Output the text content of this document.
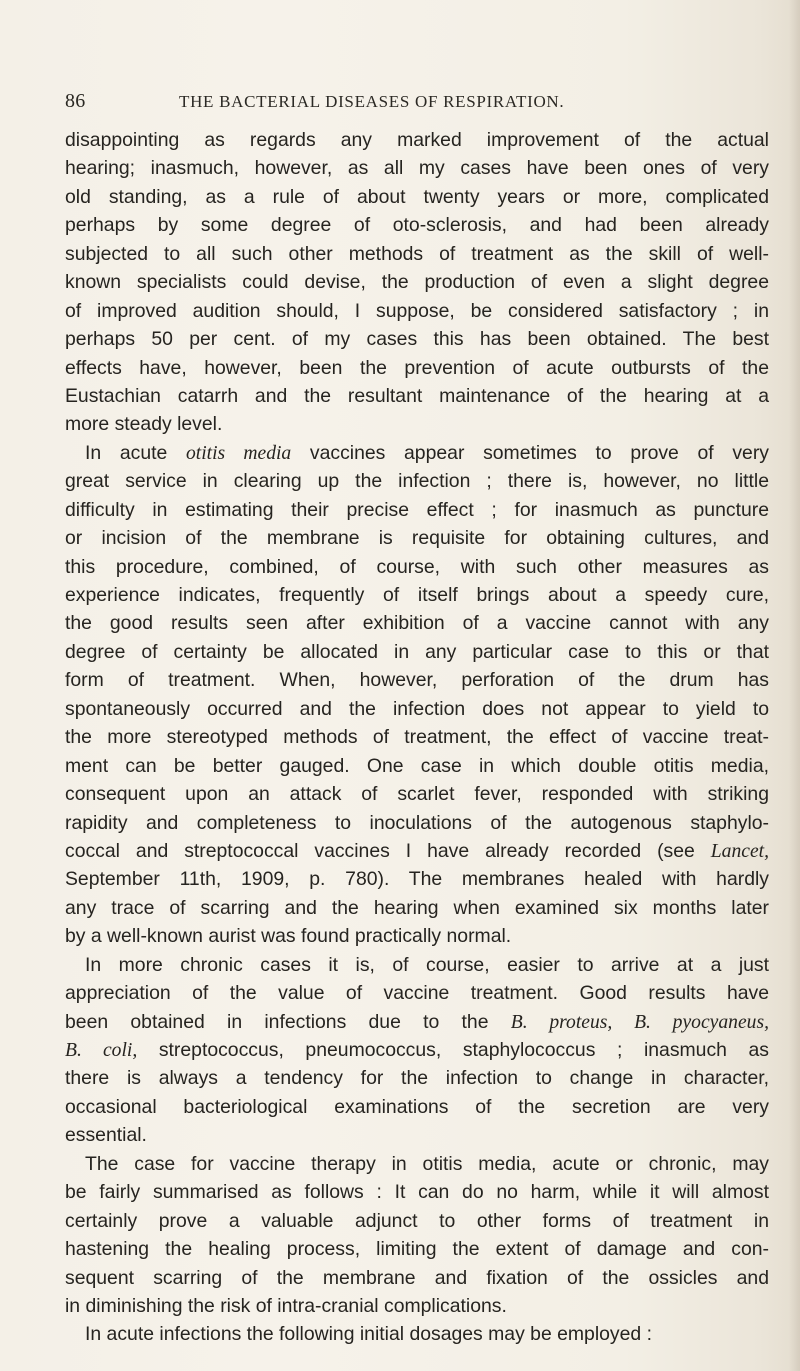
86	THE BACTERIAL DISEASES OF RESPIRATION.
disappointing as regards any marked improvement of the actual
hearing; inasmuch, however, as all my cases have been ones of very
old standing, as a rule of about twenty years or more, complicated
perhaps by some degree of oto-sclerosis, and had been already
subjected to all such other methods of treatment as the skill of well-
known specialists could devise, the production of even a slight degree
of improved audition should, I suppose, be considered satisfactory ; in
perhaps 50 per cent. of my cases this has been obtained. The best
effects have, however, been the prevention of acute outbursts of the
Eustachian catarrh and the resultant maintenance of the hearing at a
more steady level.
In acute otitis media vaccines appear sometimes to prove of very
great service in clearing up the infection ; there is, however, no little
difficulty in estimating their precise effect ; for inasmuch as puncture
or incision of the membrane is requisite for obtaining cultures, and
this procedure, combined, of course, with such other measures as
experience indicates, frequently of itself brings about a speedy cure,
the good results seen after exhibition of a vaccine cannot with any
degree of certainty be allocated in any particular case to this or that
form of treatment. When, however, perforation of the drum has
spontaneously occurred and the infection does not appear to yield to
the more stereotyped methods of treatment, the effect of vaccine treat-
ment can be better gauged. One case in which double otitis media,
consequent upon an attack of scarlet fever, responded with striking
rapidity and completeness to inoculations of the autogenous staphylo-
coccal and streptococcal vaccines I have already recorded (see Lancet,
September 11th, 1909, p. 780). The membranes healed with hardly
any trace of scarring and the hearing when examined six months later
by a well-known aurist was found practically normal.
In more chronic cases it is, of course, easier to arrive at a just
appreciation of the value of vaccine treatment. Good results have
been obtained in infections due to the B. proteus, B. pyocyaneus,
B. coli, streptococcus, pneumococcus, staphylococcus ; inasmuch as
there is always a tendency for the infection to change in character,
occasional bacteriological examinations of the secretion are very
essential.
The case for vaccine therapy in otitis media, acute or chronic, may
be fairly summarised as follows : It can do no harm, while it will almost
certainly prove a valuable adjunct to other forms of treatment in
hastening the healing process, limiting the extent of damage and con-
sequent scarring of the membrane and fixation of the ossicles and
in diminishing the risk of intra-cranial complications.
In acute infections the following initial dosages may be employed :
